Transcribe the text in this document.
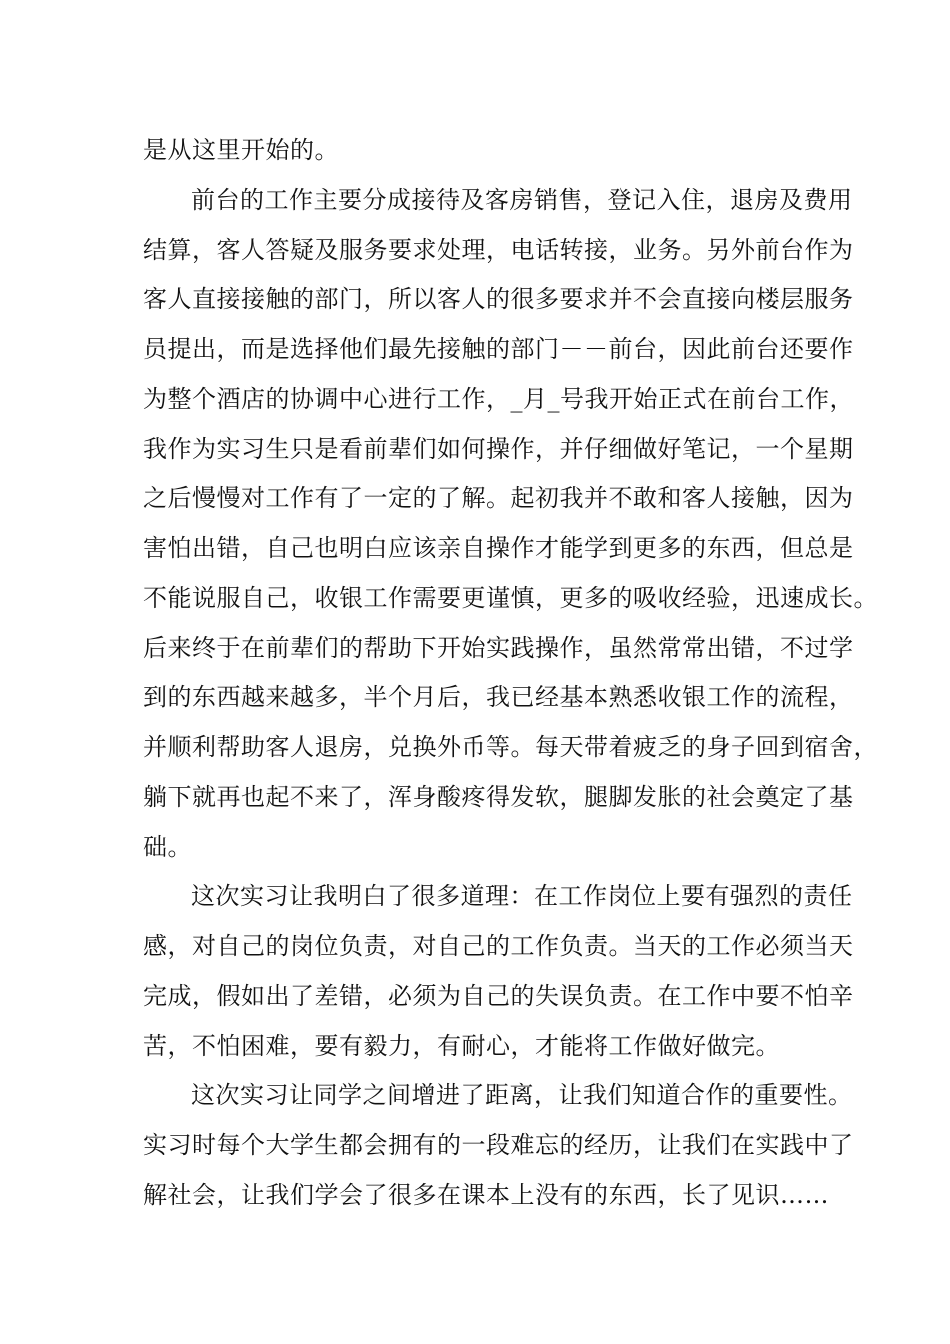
是从这里开始的。
前台的工作主要分成接待及客房销售，登记入住，退房及费用
结算，客人答疑及服务要求处理，电话转接，业务。另外前台作为
客人直接接触的部门，所以客人的很多要求并不会直接向楼层服务
员提出，而是选择他们最先接触的部门－－前台，因此前台还要作
为整个酒店的协调中心进行工作，_月_号我开始正式在前台工作，
我作为实习生只是看前辈们如何操作，并仔细做好笔记，一个星期
之后慢慢对工作有了一定的了解。起初我并不敢和客人接触，因为
害怕出错，自己也明白应该亲自操作才能学到更多的东西，但总是
不能说服自己，收银工作需要更谨慎，更多的吸收经验，迅速成长。
后来终于在前辈们的帮助下开始实践操作，虽然常常出错，不过学
到的东西越来越多，半个月后，我已经基本熟悉收银工作的流程，
并顺利帮助客人退房，兑换外币等。每天带着疲乏的身子回到宿舍，
躺下就再也起不来了，浑身酸疼得发软，腿脚发胀的社会奠定了基
础。
这次实习让我明白了很多道理：在工作岗位上要有强烈的责任
感，对自己的岗位负责，对自己的工作负责。当天的工作必须当天
完成，假如出了差错，必须为自己的失误负责。在工作中要不怕辛
苦，不怕困难，要有毅力，有耐心，才能将工作做好做完。
这次实习让同学之间增进了距离，让我们知道合作的重要性。
实习时每个大学生都会拥有的一段难忘的经历，让我们在实践中了
解社会，让我们学会了很多在课本上没有的东西，长了见识……
